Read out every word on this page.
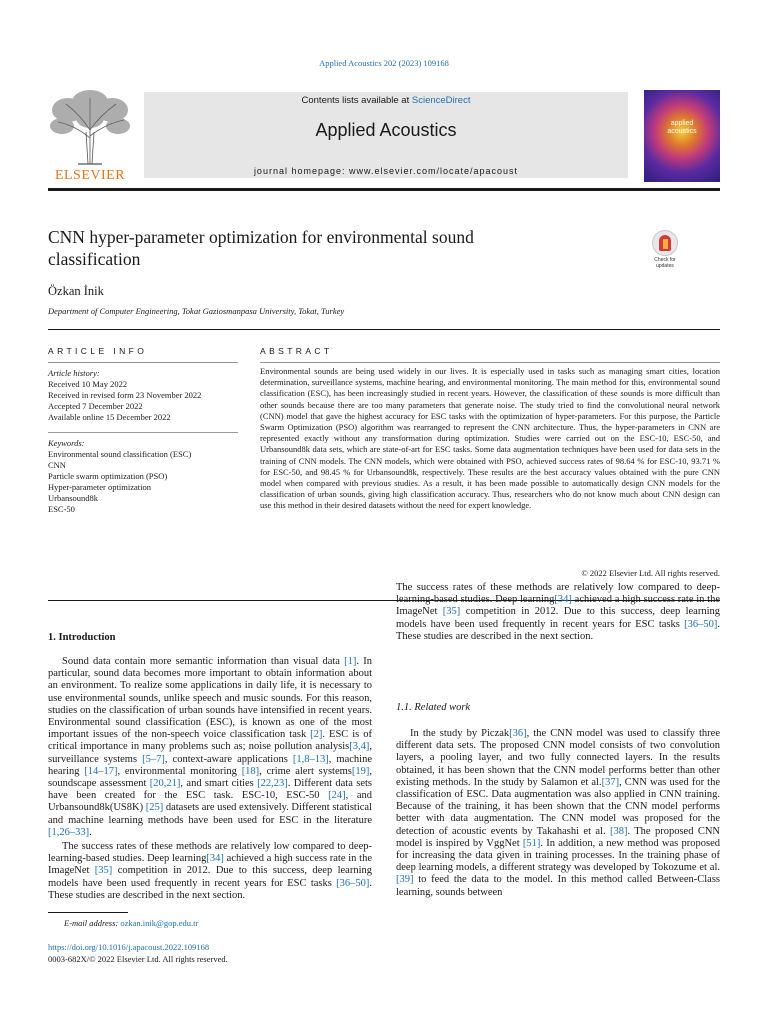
Applied Acoustics 202 (2023) 109168
ELSEVIER
Contents lists available at ScienceDirect
Applied Acoustics
journal homepage: www.elsevier.com/locate/apacoust
applied
acoustics
CNN hyper-parameter optimization for environmental sound
classification	Check for
updates
Özkan İnik
Department of Computer Engineering, Tokat Gaziosmanpasa University, Tokat, Turkey
ARTICLE INFO	ABSTRACT
Article history:
Received 10 May 2022
Received in revised form 23 November 2022
Accepted 7 December 2022
Available online 15 December 2022
Keywords:
Environmental sound classification (ESC)
CNN
Particle swarm optimization (PSO)
Hyper-parameter optimization
Urbansound8k
ESC-50
Environmental sounds are being used widely in our lives. It is especially used in tasks such as managing smart cities, location determination, surveillance systems, machine hearing, and environmental monitoring. The main method for this, environmental sound classification (ESC), has been increasingly studied in recent years. However, the classification of these sounds is more difficult than other sounds because there are too many parameters that generate noise. The study tried to find the convolutional neural network (CNN) model that gave the highest accuracy for ESC tasks with the optimization of hyper-parameters. For this purpose, the Particle Swarm Optimization (PSO) algorithm was rearranged to represent the CNN architecture. Thus, the hyper-parameters in CNN are represented exactly without any transformation during optimization. Studies were carried out on the ESC-10, ESC-50, and Urbansound8k data sets, which are state-of-art for ESC tasks. Some data augmentation techniques have been used for data sets in the training of CNN models. The CNN models, which were obtained with PSO, achieved success rates of 98.64 % for ESC-10, 93.71 % for ESC-50, and 98.45 % for Urbansound8k, respectively. These results are the best accuracy values obtained with the pure CNN model when compared with previous studies. As a result, it has been made possible to automatically design CNN models for the classification of urban sounds, giving high classification accuracy. Thus, researchers who do not know much about CNN design can use this method in their desired datasets without the need for expert knowledge.
© 2022 Elsevier Ltd. All rights reserved.
1. Introduction

Sound data contain more semantic information than visual data [1]. In particular, sound data becomes more important to obtain information about an environment. To realize some applications in daily life, it is necessary to use environmental sounds, unlike speech and music sounds. For this reason, studies on the classification of urban sounds have intensified in recent years. Environmental sound classification (ESC), is known as one of the most important issues of the non-speech voice classification task [2]. ESC is of critical importance in many problems such as; noise pollution analysis[3,4], surveillance systems [5–7], context-aware applications [1,8–13], machine hearing [14–17], environmental monitoring [18], crime alert systems[19], soundscape assessment [20,21], and smart cities [22,23]. Different data sets have been created for the ESC task. ESC-10, ESC-50 [24], and Urbansound8k(US8K) [25] datasets are used extensively. Different statistical and machine learning methods have been used for ESC in the literature [1,26–33].

The success rates of these methods are relatively low compared to deep-learning-based studies. Deep learning[34] achieved a high success rate in the ImageNet [35] competition in 2012. Due to this success, deep learning models have been used frequently in recent years for ESC tasks [36–50]. These studies are described in the next section.

The success rates of these methods are relatively low compared to deep-learning-based studies. Deep learning[34] achieved a high success rate in the ImageNet [35] competition in 2012. Due to this success, deep learning models have been used frequently in recent years for ESC tasks [36–50]. These studies are described in the next section.

1.1. Related work

In the study by Piczak[36], the CNN model was used to classify three different data sets. The proposed CNN model consists of two convolution layers, a pooling layer, and two fully connected layers. In the results obtained, it has been shown that the CNN model performs better than other existing methods. In the study by Salamon et al.[37], CNN was used for the classification of ESC. Data augmentation was also applied in CNN training. Because of the training, it has been shown that the CNN model performs better with data augmentation. The CNN model was proposed for the detection of acoustic events by Takahashi et al. [38]. The proposed CNN model is inspired by VggNet [51]. In addition, a new method was proposed for increasing the data given in training processes. In the training phase of deep learning models, a different strategy was developed by Tokozume et al.[39] to feed the data to the model. In this method called Between-Class learning, sounds between

E-mail address: ozkan.inik@gop.edu.tr
https://doi.org/10.1016/j.apacoust.2022.109168
0003-682X/© 2022 Elsevier Ltd. All rights reserved.
